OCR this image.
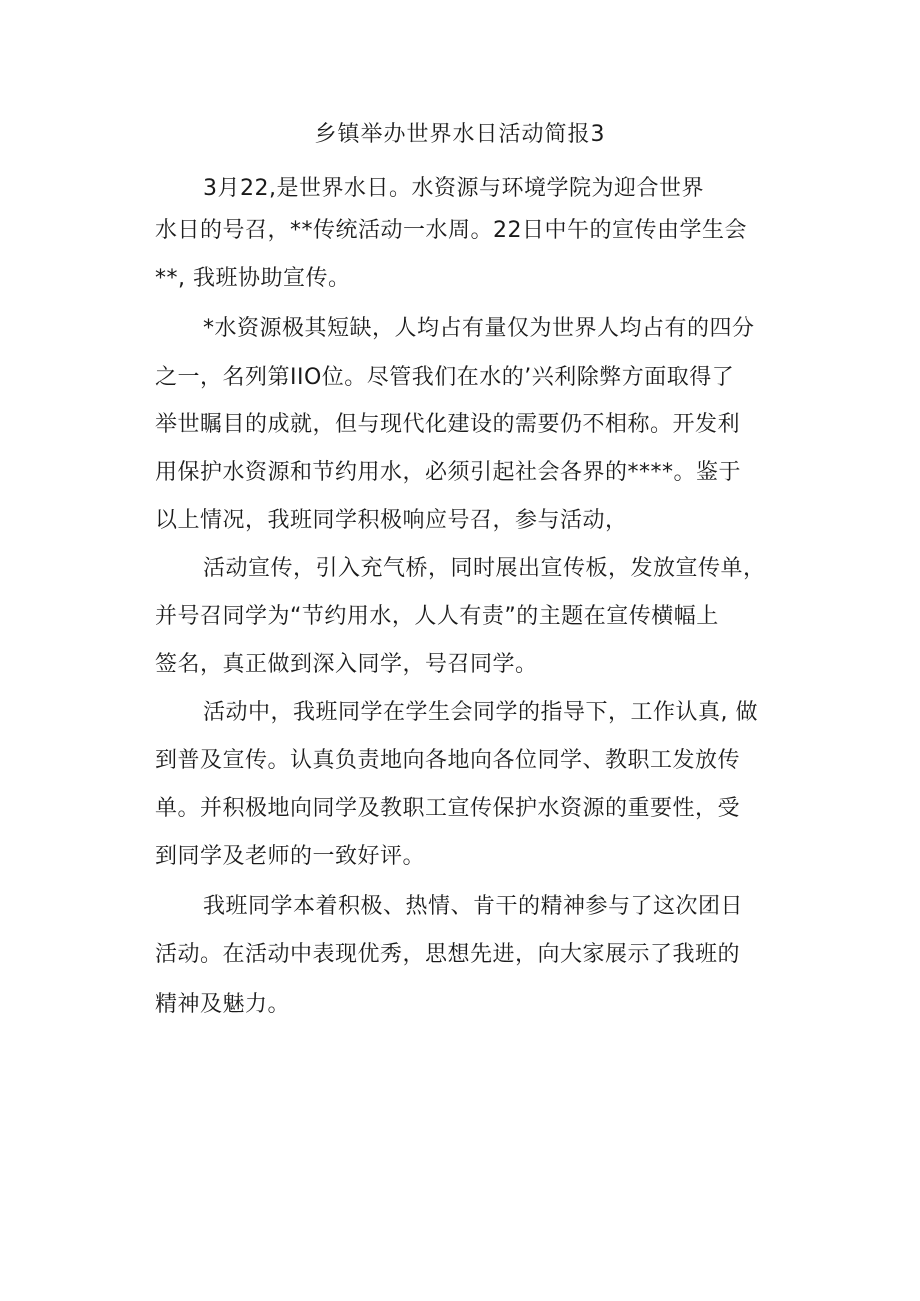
乡镇举办世界水日活动简报3
3月22,是世界水日。水资源与环境学院为迎合世界
水日的号召，**传统活动一水周。22日中午的宣传由学生会
**, 我班协助宣传。
*水资源极其短缺，人均占有量仅为世界人均占有的四分
之一，名列第IIO位。尽管我们在水的’兴利除弊方面取得了
举世瞩目的成就，但与现代化建设的需要仍不相称。开发利
用保护水资源和节约用水，必须引起社会各界的****。鉴于
以上情况，我班同学积极响应号召，参与活动，
活动宣传，引入充气桥，同时展出宣传板，发放宣传单，
并号召同学为“节约用水，人人有责”的主题在宣传横幅上
签名，真正做到深入同学，号召同学。
活动中，我班同学在学生会同学的指导下，工作认真, 做
到普及宣传。认真负责地向各地向各位同学、教职工发放传
单。并积极地向同学及教职工宣传保护水资源的重要性，受
到同学及老师的一致好评。
我班同学本着积极、热情、肯干的精神参与了这次团日
活动。在活动中表现优秀，思想先进，向大家展示了我班的
精神及魅力。
